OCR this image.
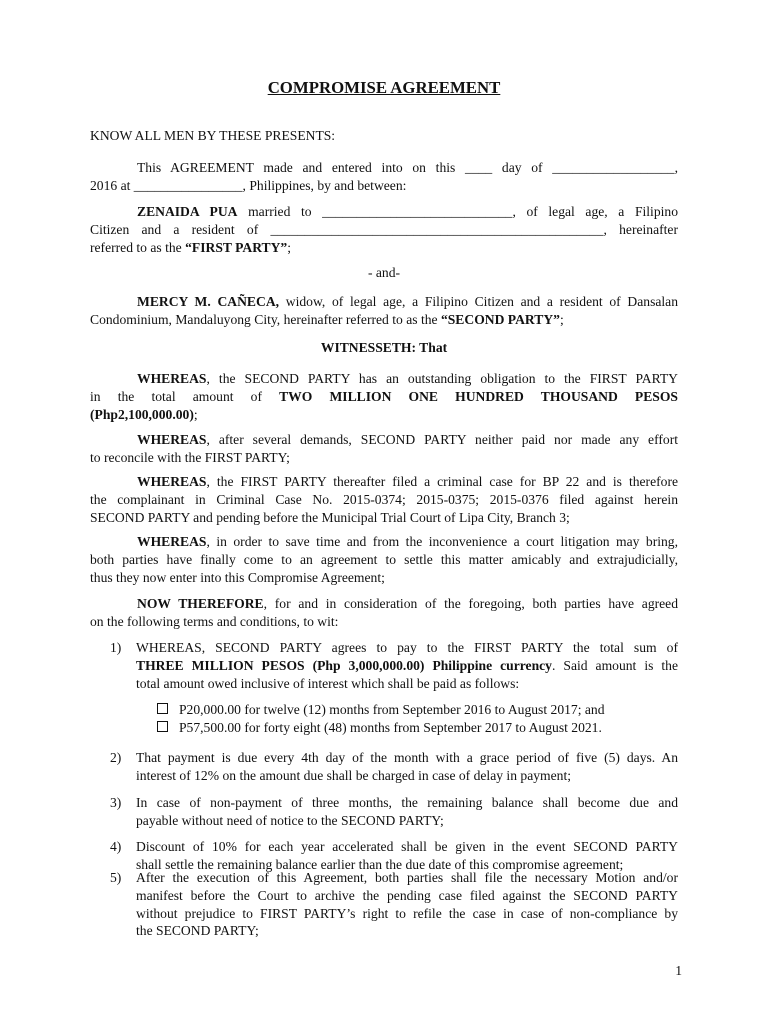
COMPROMISE AGREEMENT
KNOW ALL MEN BY THESE PRESENTS:
This AGREEMENT made and entered into on this ____ day of __________________,
2016 at ________________, Philippines, by and between:
ZENAIDA PUA married to ____________________________, of legal age, a Filipino
Citizen and a resident of _________________________________________________, hereinafter
referred to as the “FIRST PARTY”;
- and-
MERCY M. CAÑECA, widow, of legal age, a Filipino Citizen and a resident of Dansalan
Condominium, Mandaluyong City, hereinafter referred to as the “SECOND PARTY”;
WITNESSETH: That
WHEREAS, the SECOND PARTY has an outstanding obligation to the FIRST PARTY
in the total amount of TWO MILLION ONE HUNDRED THOUSAND PESOS
(Php2,100,000.00);
WHEREAS, after several demands, SECOND PARTY neither paid nor made any effort
to reconcile with the FIRST PARTY;
WHEREAS, the FIRST PARTY thereafter filed a criminal case for BP 22 and is therefore
the complainant in Criminal Case No. 2015-0374; 2015-0375; 2015-0376 filed against herein
SECOND PARTY and pending before the Municipal Trial Court of Lipa City, Branch 3;
WHEREAS, in order to save time and from the inconvenience a court litigation may bring,
both parties have finally come to an agreement to settle this matter amicably and extrajudicially,
thus they now enter into this Compromise Agreement;
NOW THEREFORE, for and in consideration of the foregoing, both parties have agreed
on the following terms and conditions, to wit:
1) WHEREAS, SECOND PARTY agrees to pay to the FIRST PARTY the total sum of
THREE MILLION PESOS (Php 3,000,000.00) Philippine currency. Said amount is the
total amount owed inclusive of interest which shall be paid as follows:
P20,000.00 for twelve (12) months from September 2016 to August 2017; and
P57,500.00 for forty eight (48) months from September 2017 to August 2021.
2) That payment is due every 4th day of the month with a grace period of five (5) days. An
interest of 12% on the amount due shall be charged in case of delay in payment;
3) In case of non-payment of three months, the remaining balance shall become due and
payable without need of notice to the SECOND PARTY;
4) Discount of 10% for each year accelerated shall be given in the event SECOND PARTY
shall settle the remaining balance earlier than the due date of this compromise agreement;
5) After the execution of this Agreement, both parties shall file the necessary Motion and/or
manifest before the Court to archive the pending case filed against the SECOND PARTY
without prejudice to FIRST PARTY’s right to refile the case in case of non-compliance by
the SECOND PARTY;
1
